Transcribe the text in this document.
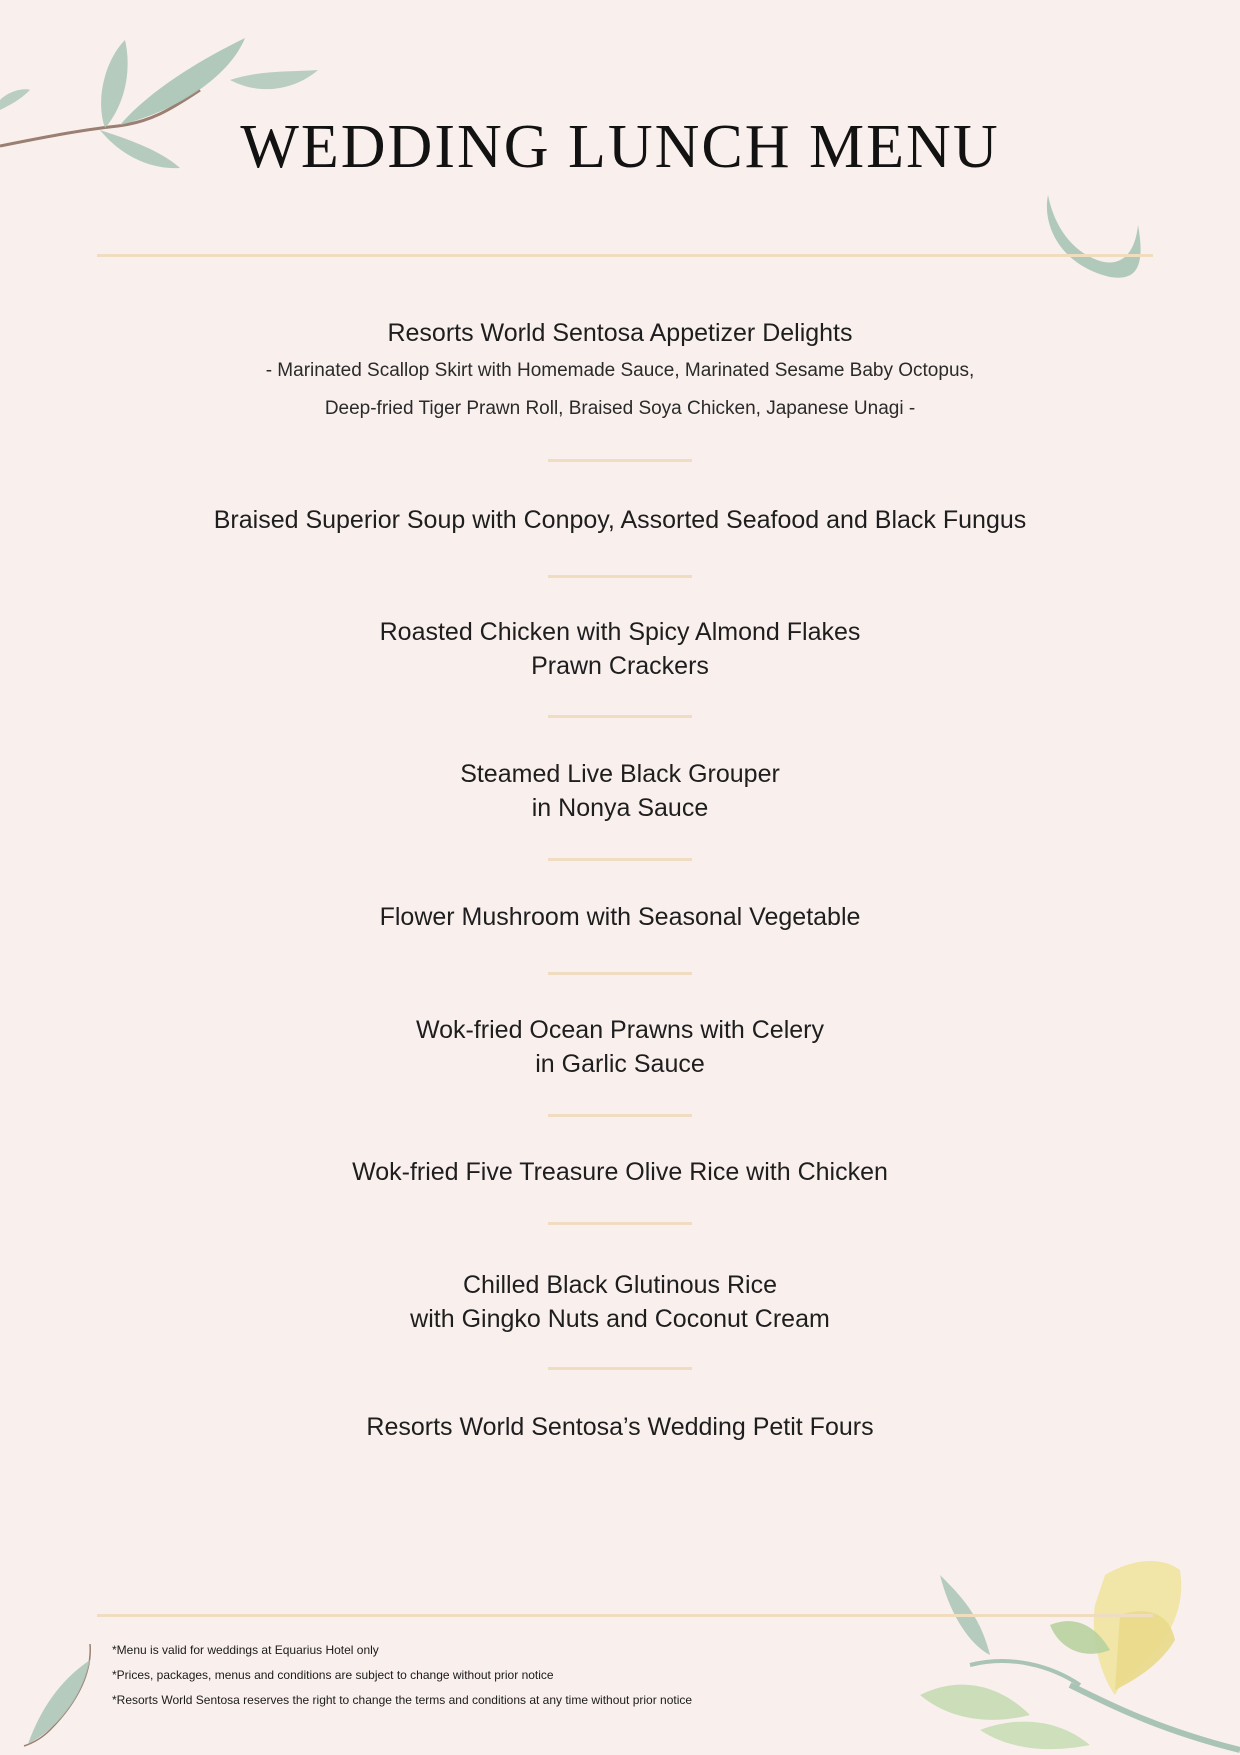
WEDDING LUNCH MENU
Resorts World Sentosa Appetizer Delights
- Marinated Scallop Skirt with Homemade Sauce, Marinated Sesame Baby Octopus,
Deep-fried Tiger Prawn Roll, Braised Soya Chicken, Japanese Unagi -
Braised Superior Soup with Conpoy, Assorted Seafood and Black Fungus
Roasted Chicken with Spicy Almond Flakes
Prawn Crackers
Steamed Live Black Grouper
in Nonya Sauce
Flower Mushroom with Seasonal Vegetable
Wok-fried Ocean Prawns with Celery
in Garlic Sauce
Wok-fried Five Treasure Olive Rice with Chicken
Chilled Black Glutinous Rice
with Gingko Nuts and Coconut Cream
Resorts World Sentosa’s Wedding Petit Fours
*Menu is valid for weddings at Equarius Hotel only
*Prices, packages, menus and conditions are subject to change without prior notice
*Resorts World Sentosa reserves the right to change the terms and conditions at any time without prior notice
